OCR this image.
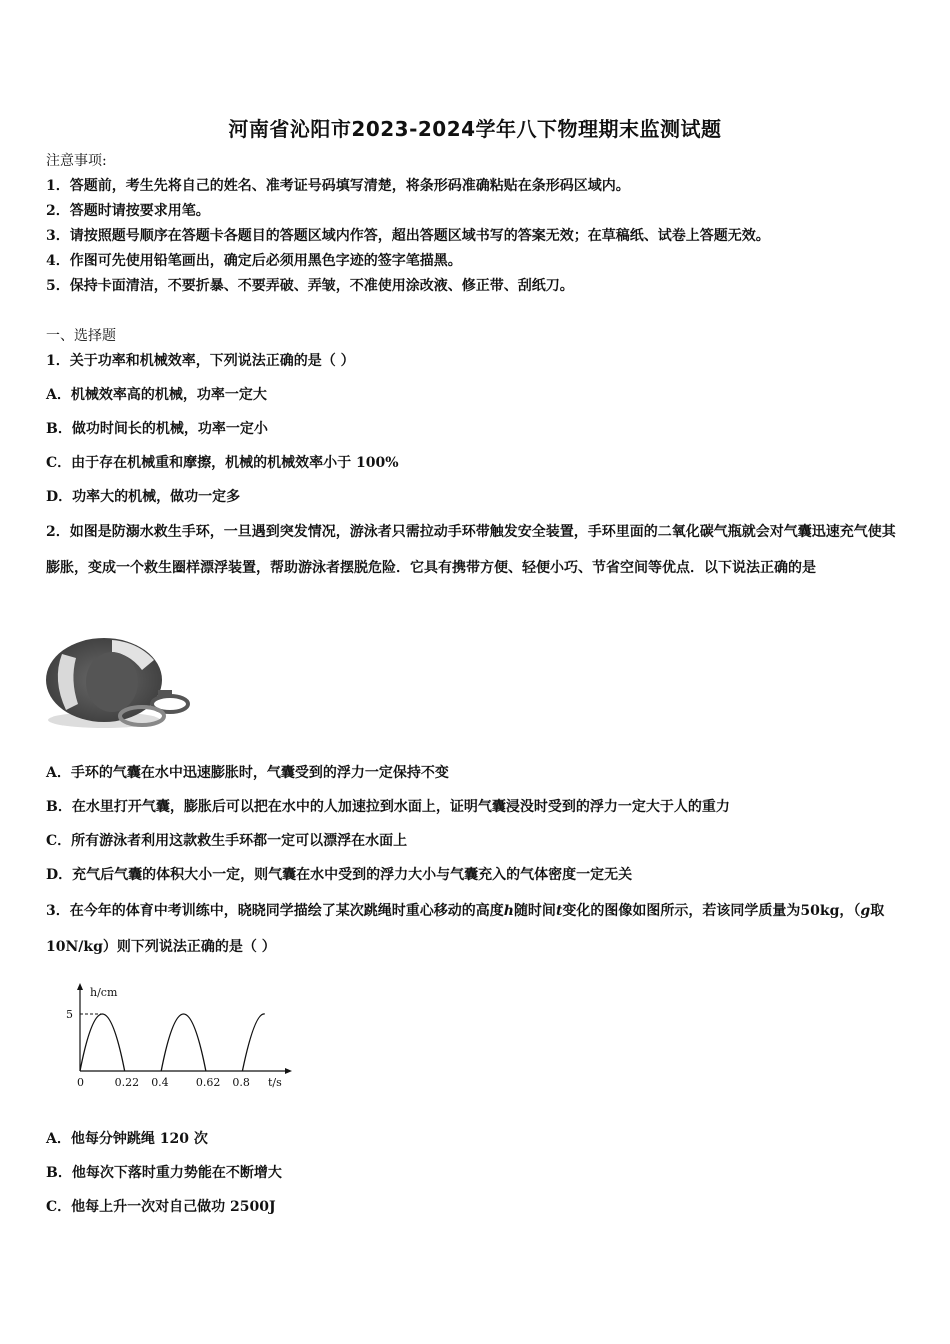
河南省沁阳市2023-2024学年八下物理期末监测试题
注意事项:
1．答题前，考生先将自己的姓名、准考证号码填写清楚，将条形码准确粘贴在条形码区域内。
2．答题时请按要求用笔。
3．请按照题号顺序在答题卡各题目的答题区域内作答，超出答题区域书写的答案无效；在草稿纸、试卷上答题无效。
4．作图可先使用铅笔画出，确定后必须用黑色字迹的签字笔描黑。
5．保持卡面清洁，不要折暴、不要弄破、弄皱，不准使用涂改液、修正带、刮纸刀。
一、选择题
1．关于功率和机械效率，下列说法正确的是（ ）
A．机械效率高的机械，功率一定大
B．做功时间长的机械，功率一定小
C．由于存在机械重和摩擦，机械的机械效率小于 100%
D．功率大的机械，做功一定多
2．如图是防溺水救生手环，一旦遇到突发情况，游泳者只需拉动手环带触发安全装置，手环里面的二氧化碳气瓶就会对气囊迅速充气使其膨胀，变成一个救生圈样漂浮装置，帮助游泳者摆脱危险．它具有携带方便、轻便小巧、节省空间等优点．以下说法正确的是
A．手环的气囊在水中迅速膨胀时，气囊受到的浮力一定保持不变
B．在水里打开气囊，膨胀后可以把在水中的人加速拉到水面上，证明气囊浸没时受到的浮力一定大于人的重力
C．所有游泳者利用这款救生手环都一定可以漂浮在水面上
D．充气后气囊的体积大小一定，则气囊在水中受到的浮力大小与气囊充入的气体密度一定无关
3．在今年的体育中考训练中，晓晓同学描绘了某次跳绳时重心移动的高度h随时间t变化的图像如图所示，若该同学质量为50kg，（g取 10N/kg）则下列说法正确的是（ ）
h/cm
t/s
0	0.22 0.4 0.62 0.8
5
A．他每分钟跳绳 120 次
B．他每次下落时重力势能在不断增大
C．他每上升一次对自己做功 2500J
